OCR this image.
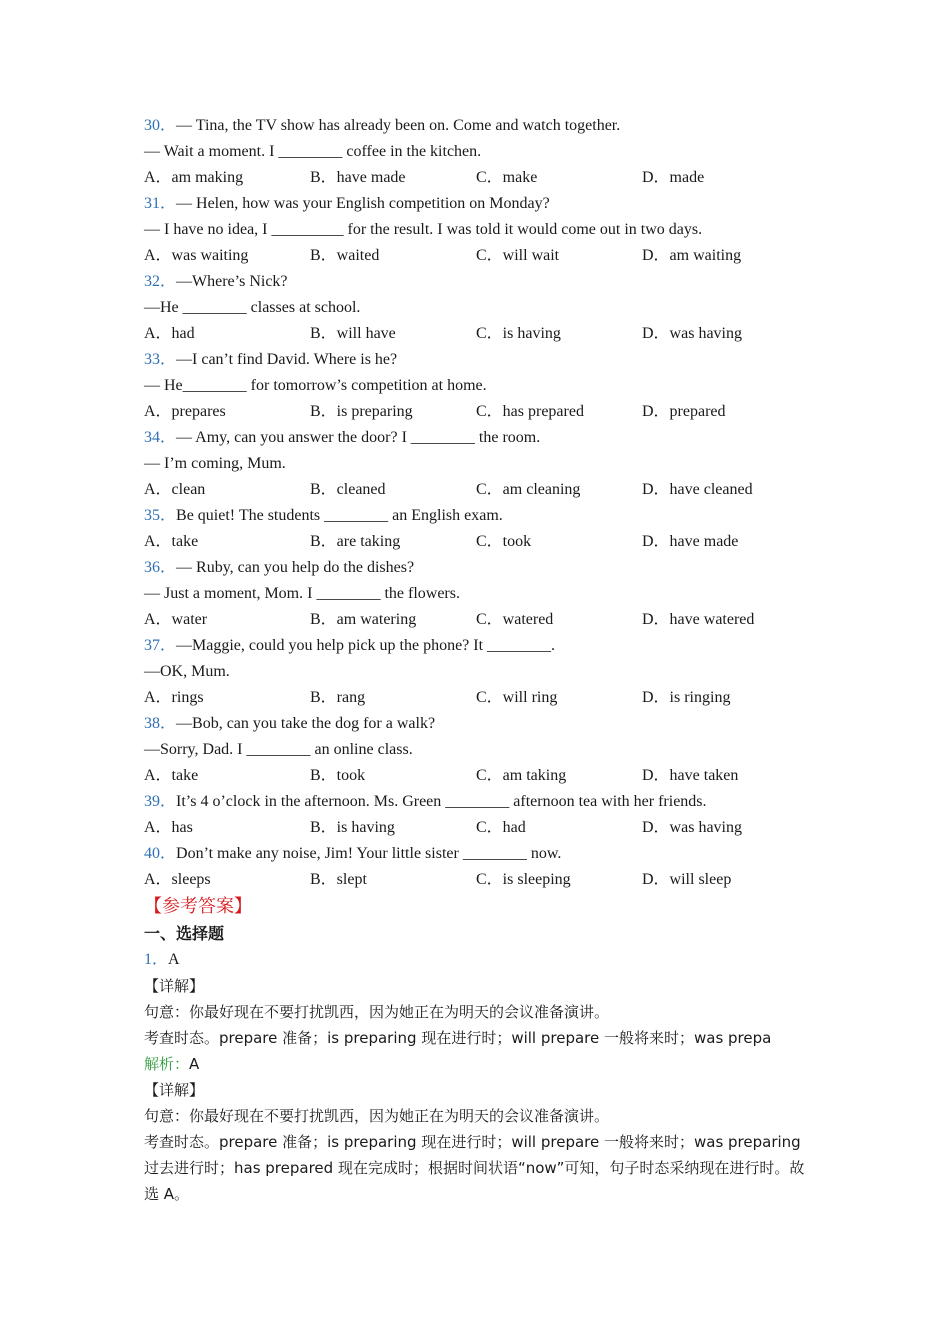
30．— Tina, the TV show has already been on. Come and watch together.
— Wait a moment. I ________ coffee in the kitchen.
A．am making	B．have made	C．make	D．made
31．— Helen, how was your English competition on Monday?
— I have no idea, I _________ for the result. I was told it would come out in two days.
A．was waiting	B．waited	C．will wait	D．am waiting
32．—Where’s Nick?
—He ________ classes at school.
A．had	B．will have	C．is having	D．was having
33．—I can’t find David. Where is he?
— He________ for tomorrow’s competition at home.
A．prepares	B．is preparing	C．has prepared	D．prepared
34．— Amy, can you answer the door? I ________ the room.
— I’m coming, Mum.
A．clean	B．cleaned	C．am cleaning	D．have cleaned
35．Be quiet! The students ________ an English exam.
A．take	B．are taking	C．took	D．have made
36．— Ruby, can you help do the dishes?
— Just a moment, Mom. I ________ the flowers.
A．water	B．am watering	C．watered	D．have watered
37．—Maggie, could you help pick up the phone? It ________.
—OK, Mum.
A．rings	B．rang	C．will ring	D．is ringing
38．—Bob, can you take the dog for a walk?
—Sorry, Dad. I ________ an online class.
A．take	B．took	C．am taking	D．have taken
39．It’s 4 o’clock in the afternoon. Ms. Green ________ afternoon tea with her friends.
A．has	B．is having	C．had	D．was having
40．Don’t make any noise, Jim! Your little sister ________ now.
A．sleeps	B．slept	C．is sleeping	D．will sleep
【参考答案】
一、选择题
1．A
【详解】
句意：你最好现在不要打扰凯西，因为她正在为明天的会议准备演讲。
考查时态。prepare 准备；is preparing 现在进行时；will prepare 一般将来时；was prepa
解析：A
【详解】
句意：你最好现在不要打扰凯西，因为她正在为明天的会议准备演讲。
考查时态。prepare 准备；is preparing 现在进行时；will prepare 一般将来时；was preparing 过去进行时；has prepared 现在完成时；根据时间状语“now”可知，句子时态采纳现在进行时。故选 A。
